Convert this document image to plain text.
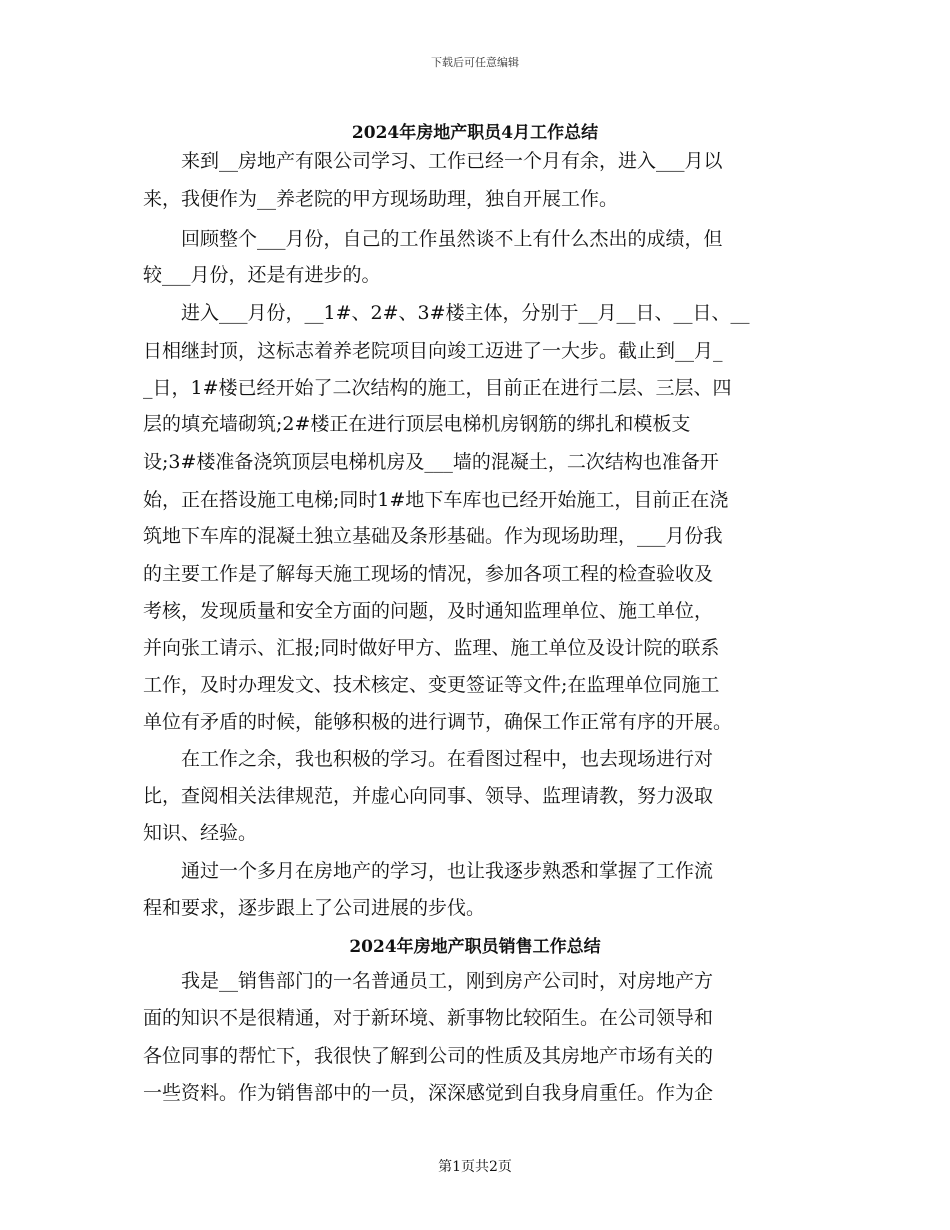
下载后可任意编辑
2024年房地产职员4月工作总结
　　来到__房地产有限公司学习、工作已经一个月有余，进入___月以
来，我便作为__养老院的甲方现场助理，独自开展工作。
　　回顾整个___月份，自己的工作虽然谈不上有什么杰出的成绩，但
较___月份，还是有进步的。
　　进入___月份，__1#、2#、3#楼主体，分别于__月__日、__日、__
日相继封顶，这标志着养老院项目向竣工迈进了一大步。截止到__月_
_日，1#楼已经开始了二次结构的施工，目前正在进行二层、三层、四
层的填充墙砌筑;2#楼正在进行顶层电梯机房钢筋的绑扎和模板支
设;3#楼准备浇筑顶层电梯机房及___墙的混凝土，二次结构也准备开
始，正在搭设施工电梯;同时1#地下车库也已经开始施工，目前正在浇
筑地下车库的混凝土独立基础及条形基础。作为现场助理，___月份我
的主要工作是了解每天施工现场的情况，参加各项工程的检查验收及
考核，发现质量和安全方面的问题，及时通知监理单位、施工单位，
并向张工请示、汇报;同时做好甲方、监理、施工单位及设计院的联系
工作，及时办理发文、技术核定、变更签证等文件;在监理单位同施工
单位有矛盾的时候，能够积极的进行调节，确保工作正常有序的开展。
　　在工作之余，我也积极的学习。在看图过程中，也去现场进行对
比，查阅相关法律规范，并虚心向同事、领导、监理请教，努力汲取
知识、经验。
　　通过一个多月在房地产的学习，也让我逐步熟悉和掌握了工作流
程和要求，逐步跟上了公司进展的步伐。
2024年房地产职员销售工作总结
　　我是__销售部门的一名普通员工，刚到房产公司时，对房地产方
面的知识不是很精通，对于新环境、新事物比较陌生。在公司领导和
各位同事的帮忙下，我很快了解到公司的性质及其房地产市场有关的
一些资料。作为销售部中的一员，深深感觉到自我身肩重任。作为企
第1页共2页
